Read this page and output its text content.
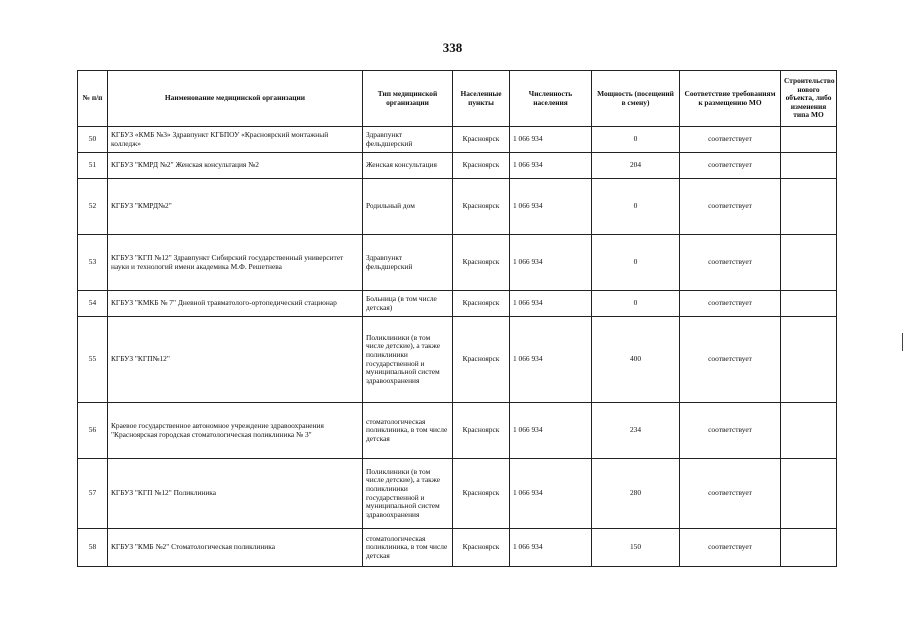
338
№ п/п	Наименование медицинской организации	Тип медицинской организации	Населенные пункты	Численность населения	Мощность (посещений в смену)	Соответствие требованиям к размещению МО	Строительство нового объекта, либо изменения типа МО
50	КГБУЗ «КМБ №3» Здравпункт КГБПОУ «Красноярский монтажный колледж»	Здравпункт фельдшерский	Красноярск	1 066 934	0	соответствует	
51	КГБУЗ "КМРД №2" Женская консультация №2	Женская консультация	Красноярск	1 066 934	204	соответствует	
52	КГБУЗ "КМРД№2"	Родильный дом	Красноярск	1 066 934	0	соответствует	
53	КГБУЗ "КГП №12" Здравпункт Сибирский государственный университет науки и технологий имени академика М.Ф. Решетнева	Здравпункт фельдшерский	Красноярск	1 066 934	0	соответствует	
54	КГБУЗ "КМКБ № 7" Дневной травматолого-ортопедический стационар	Больница (в том числе детская)	Красноярск	1 066 934	0	соответствует	
55	КГБУЗ "КГП№12"	Поликлиники (в том числе детские), а также поликлиники государственной и муниципальной систем здравоохранения	Красноярск	1 066 934	400	соответствует	
56	Краевое государственное автономное учреждение здравоохранения "Красноярская городская стоматологическая поликлиника № 3"	стоматологическая поликлиника, в том числе детская	Красноярск	1 066 934	234	соответствует	
57	КГБУЗ "КГП №12" Поликлиника	Поликлиники (в том числе детские), а также поликлиники государственной и муниципальной систем здравоохранения	Красноярск	1 066 934	280	соответствует	
58	КГБУЗ "КМБ №2" Стоматологическая поликлиника	стоматологическая поликлиника, в том числе детская	Красноярск	1 066 934	150	соответствует	
